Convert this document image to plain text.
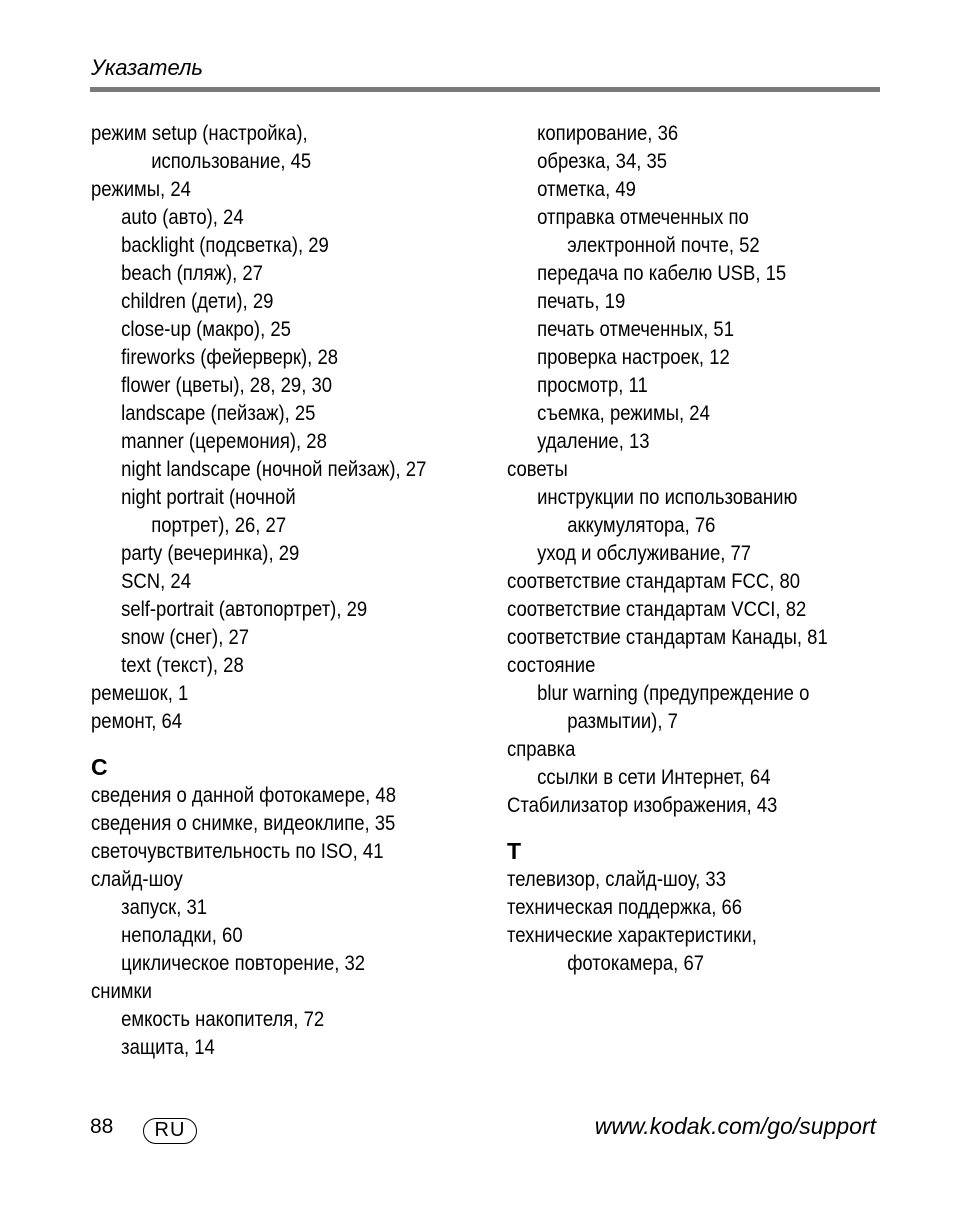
Указатель
режим setup (настройка),
использование, 45
режимы, 24
auto (авто), 24
backlight (подсветка), 29
beach (пляж), 27
children (дети), 29
close-up (макро), 25
fireworks (фейерверк), 28
flower (цветы), 28, 29, 30
landscape (пейзаж), 25
manner (церемония), 28
night landscape (ночной пейзаж), 27
night portrait (ночной
портрет), 26, 27
party (вечеринка), 29
SCN, 24
self-portrait (автопортрет), 29
snow (снег), 27
text (текст), 28
ремешок, 1
ремонт, 64
С
сведения о данной фотокамере, 48
сведения о снимке, видеоклипе, 35
светочувствительность по ISO, 41
слайд-шоу
запуск, 31
неполадки, 60
циклическое повторение, 32
снимки
емкость накопителя, 72
защита, 14
копирование, 36
обрезка, 34, 35
отметка, 49
отправка отмеченных по
электронной почте, 52
передача по кабелю USB, 15
печать, 19
печать отмеченных, 51
проверка настроек, 12
просмотр, 11
съемка, режимы, 24
удаление, 13
советы
инструкции по использованию
аккумулятора, 76
уход и обслуживание, 77
соответствие стандартам FCC, 80
соответствие стандартам VCCI, 82
соответствие стандартам Канады, 81
состояние
blur warning (предупреждение о
размытии), 7
справка
ссылки в сети Интернет, 64
Стабилизатор изображения, 43
Т
телевизор, слайд-шоу, 33
техническая поддержка, 66
технические характеристики,
фотокамера, 67
88	RU	www.kodak.com/go/support
